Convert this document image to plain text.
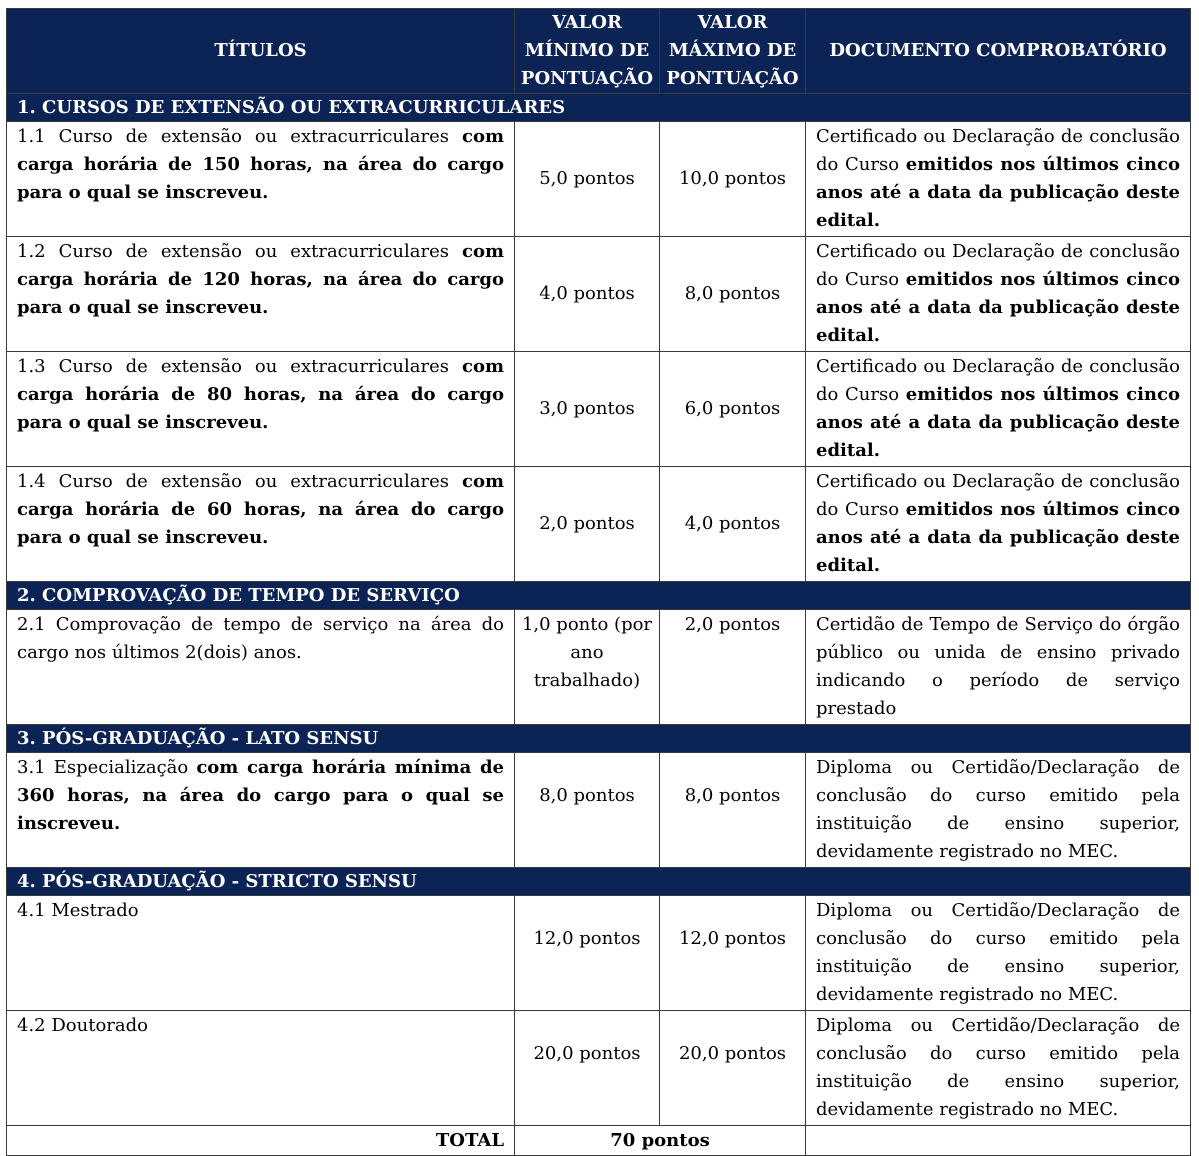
TÍTULOS	VALOR MÍNIMO DE PONTUAÇÃO	VALOR MÁXIMO DE PONTUAÇÃO	DOCUMENTO COMPROBATÓRIO
1. CURSOS DE EXTENSÃO OU EXTRACURRICULARES			
1.1 Curso de extensão ou extracurriculares com carga horária de 150 horas, na área do cargo para o qual se inscreveu.	5,0 pontos	10,0 pontos	Certificado ou Declaração de conclusão do Curso emitidos nos últimos cinco anos até a data da publicação deste edital.
1.2 Curso de extensão ou extracurriculares com carga horária de 120 horas, na área do cargo para o qual se inscreveu.	4,0 pontos	8,0 pontos	Certificado ou Declaração de conclusão do Curso emitidos nos últimos cinco anos até a data da publicação deste edital.
1.3 Curso de extensão ou extracurriculares com carga horária de 80 horas, na área do cargo para o qual se inscreveu.	3,0 pontos	6,0 pontos	Certificado ou Declaração de conclusão do Curso emitidos nos últimos cinco anos até a data da publicação deste edital.
1.4 Curso de extensão ou extracurriculares com carga horária de 60 horas, na área do cargo para o qual se inscreveu.	2,0 pontos	4,0 pontos	Certificado ou Declaração de conclusão do Curso emitidos nos últimos cinco anos até a data da publicação deste edital.
2. COMPROVAÇÃO DE TEMPO DE SERVIÇO			
2.1 Comprovação de tempo de serviço na área do cargo nos últimos 2(dois) anos.	1,0 ponto (por ano trabalhado)	2,0 pontos	Certidão de Tempo de Serviço do órgão público ou unida de ensino privado indicando o período de serviço prestado
3. PÓS-GRADUAÇÃO - LATO SENSU			
3.1 Especialização com carga horária mínima de 360 horas, na área do cargo para o qual se inscreveu.	8,0 pontos	8,0 pontos	Diploma ou Certidão/Declaração de conclusão do curso emitido pela instituição de ensino superior, devidamente registrado no MEC.
4. PÓS-GRADUAÇÃO - STRICTO SENSU			
4.1 Mestrado	12,0 pontos	12,0 pontos	Diploma ou Certidão/Declaração de conclusão do curso emitido pela instituição de ensino superior, devidamente registrado no MEC.
4.2 Doutorado	20,0 pontos	20,0 pontos	Diploma ou Certidão/Declaração de conclusão do curso emitido pela instituição de ensino superior, devidamente registrado no MEC.
TOTAL	70 pontos		
